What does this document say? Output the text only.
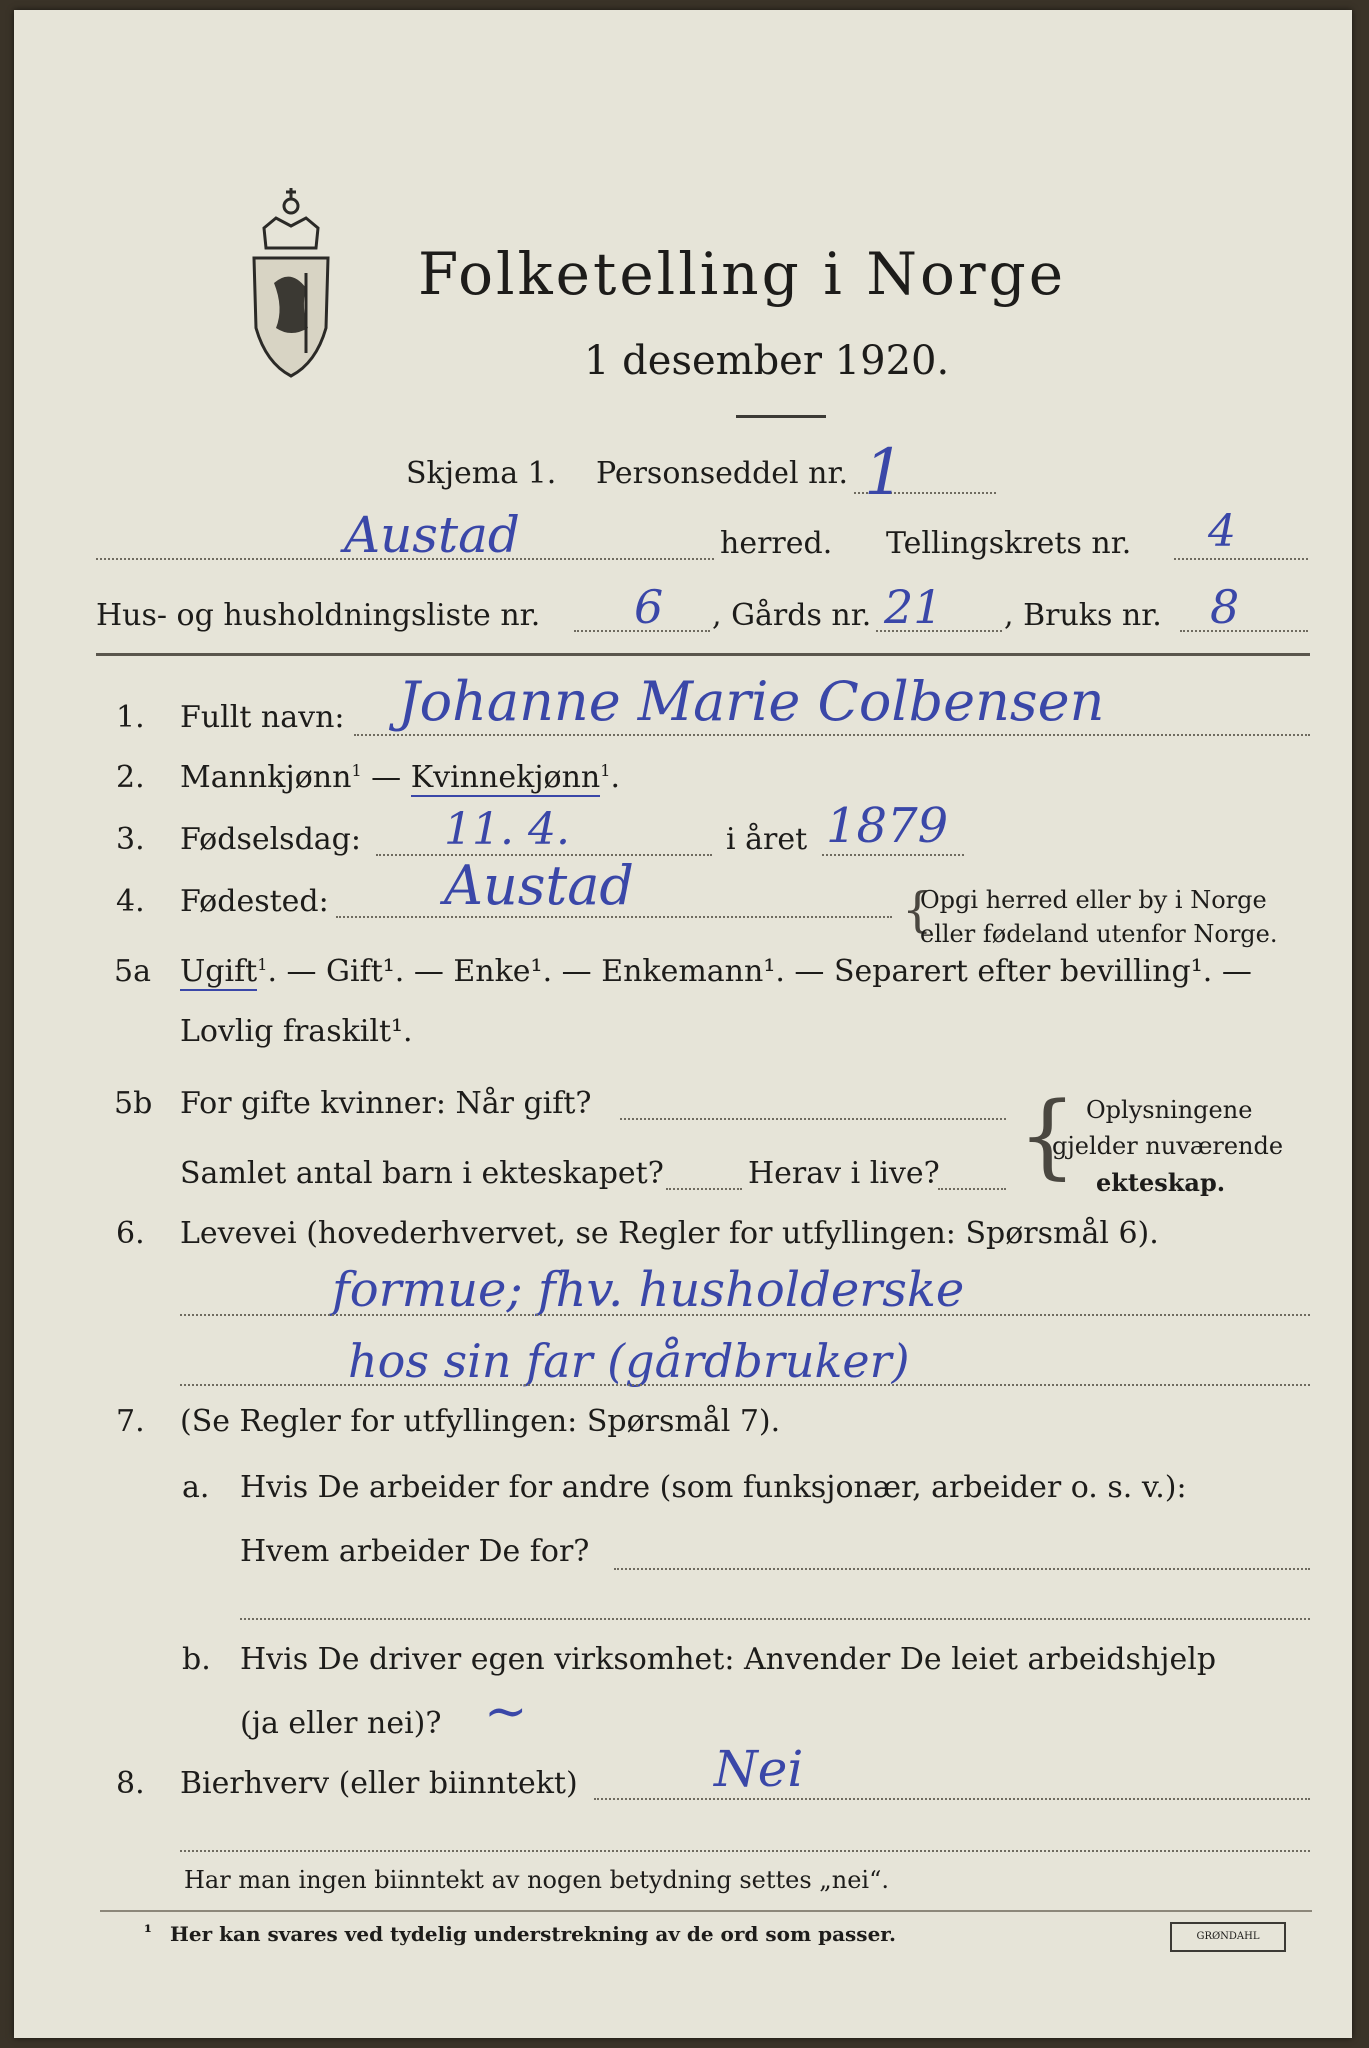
Folketelling i Norge
1 desember 1920.
Skjema 1. Personseddel nr. 1
Austad	herred. Tellingskrets nr. 4
Hus- og husholdningsliste nr. 6 , Gårds nr. 21 , Bruks nr. 8
1. Fullt navn: Johanne Marie Colbensen
2. Mannkjønn$^1$ — Kvinnekjønn$^1$.
3. Fødselsdag: 11. 4.	i året 1879
4. Fødested: Austad	{
Opgi herred eller by i Norge
eller fødeland utenfor Norge.
5a Ugift$^1$. — Gift¹. — Enke¹. — Enkemann¹. — Separert efter bevilling¹. —
Lovlig fraskilt¹.
5b For gifte kvinner: Når gift?
Samlet antal barn i ekteskapet?	Herav i live? { Oplysningene
gjelder nuværende
ekteskap.
6. Levevei (hovederhvervet, se Regler for utfyllingen: Spørsmål 6).
formue; fhv. husholderske
hos sin far (gårdbruker)
7. (Se Regler for utfyllingen: Spørsmål 7).
a. Hvis De arbeider for andre (som funksjonær, arbeider o. s. v.):
Hvem arbeider De for?
b. Hvis De driver egen virksomhet: Anvender De leiet arbeidshjelp
(ja eller nei)? ~
8. Bierhverv (eller biinntekt)	Nei
Har man ingen biinntekt av nogen betydning settes „nei“.
¹ Her kan svares ved tydelig understrekning av de ord som passer.	GRØNDAHL
